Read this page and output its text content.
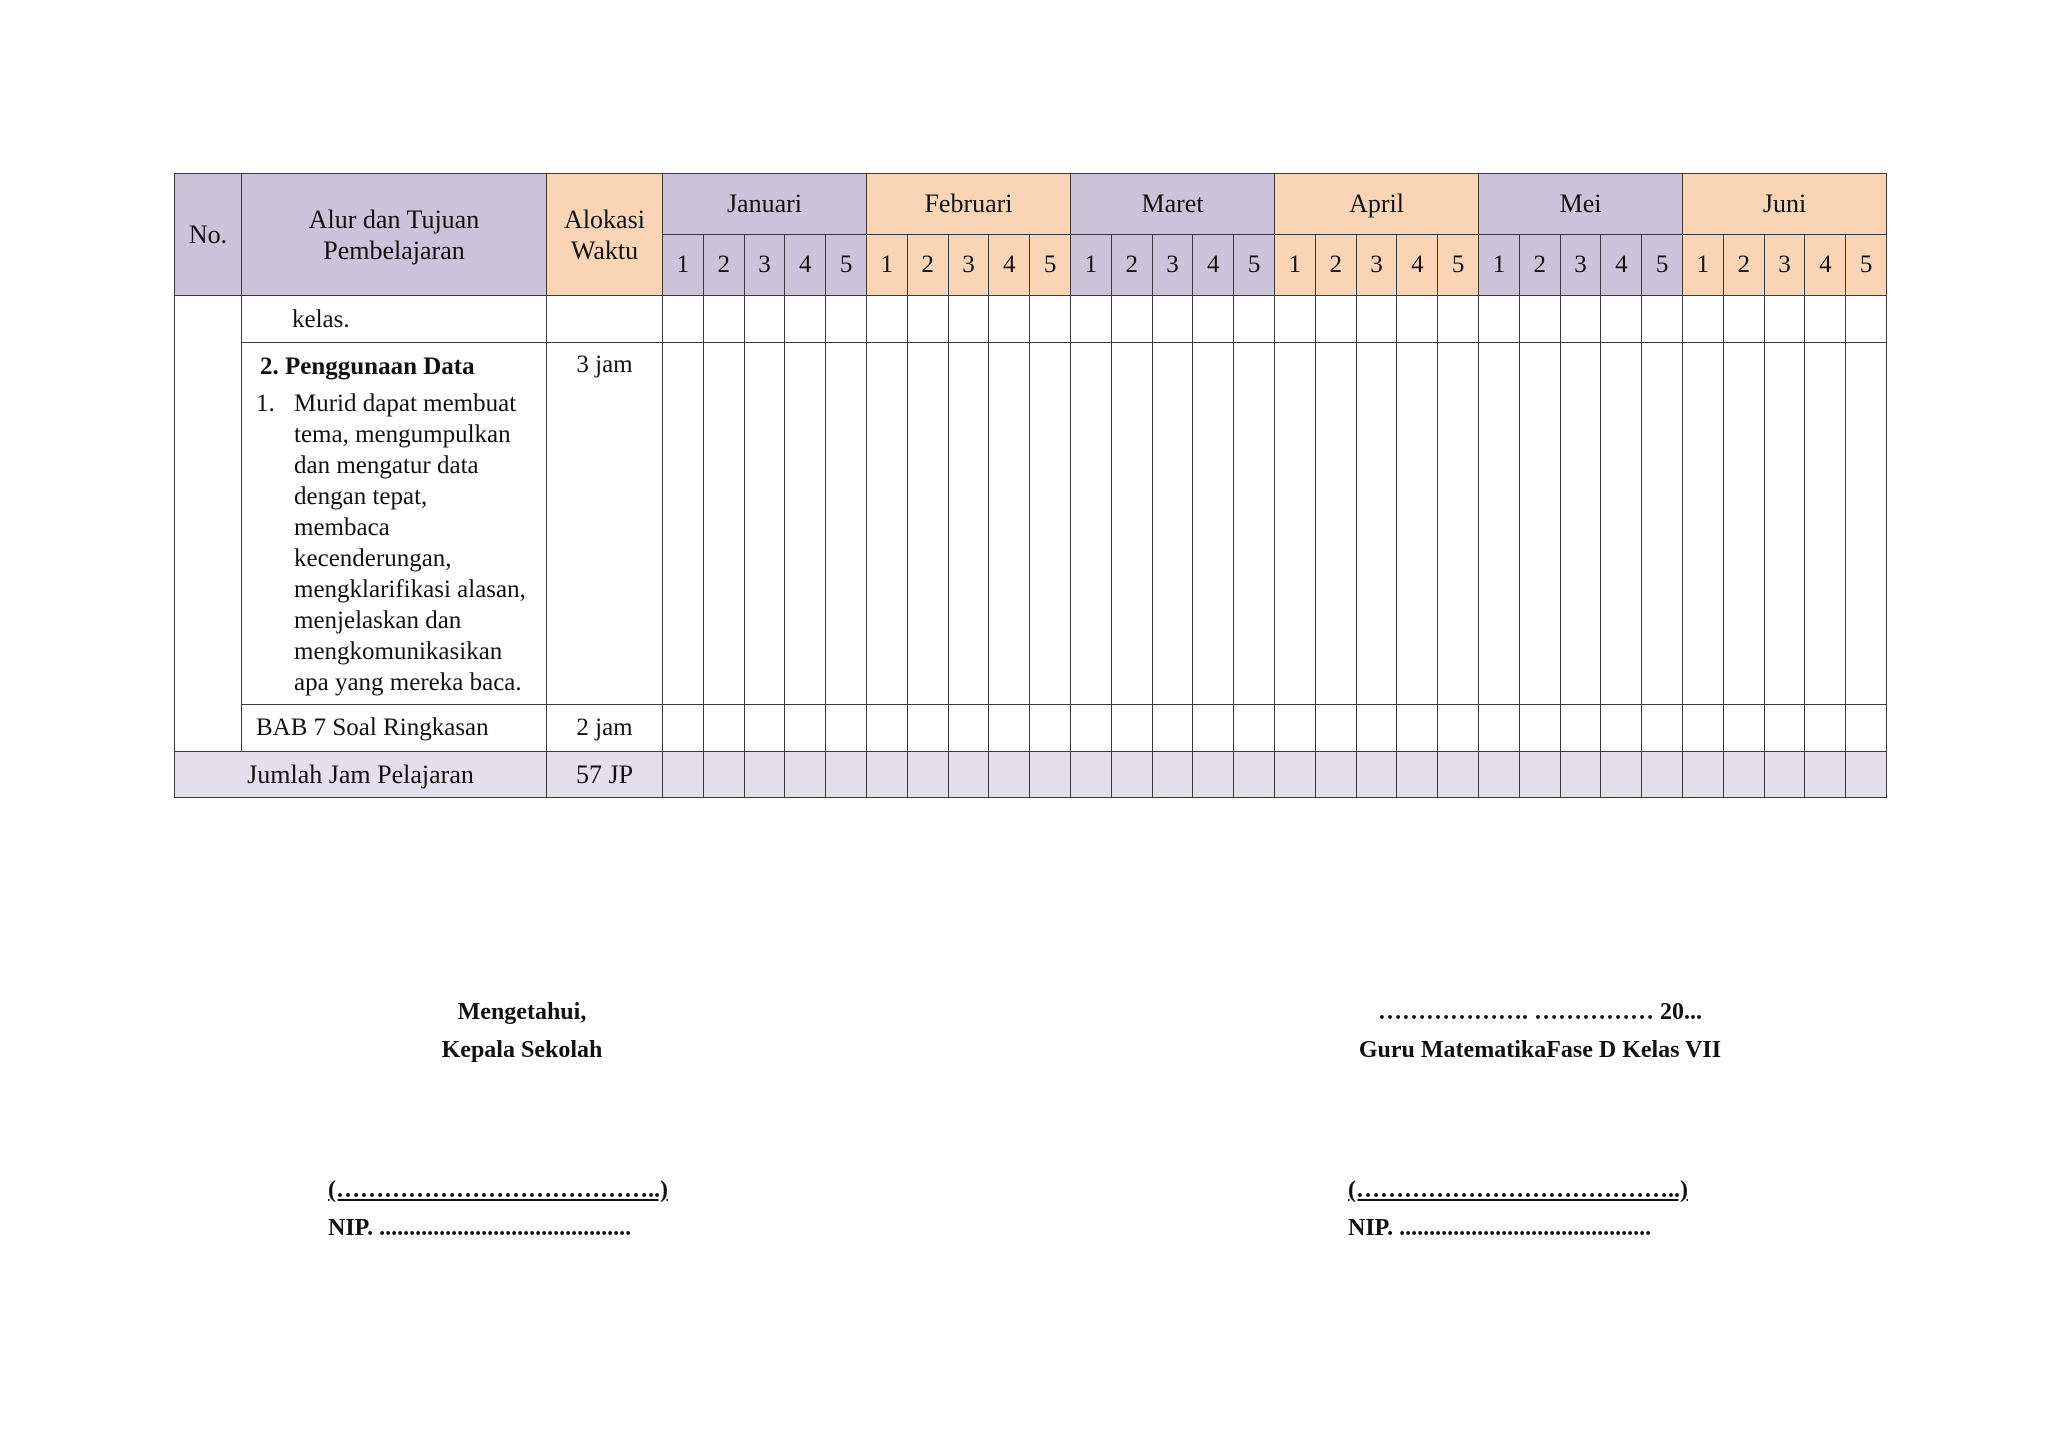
No.	Alur dan Tujuan Pembelajaran	Alokasi Waktu	Januari					Februari					Maret					April					Mei					Juni				
			1	2	3	4	5	1	2	3	4	5	1	2	3	4	5	1	2	3	4	5	1	2	3	4	5	1	2	3	4	5
	kelas.																															

	2. Penggunaan Data
1. Murid dapat membuat tema, mengumpulkan dan mengatur data dengan tepat, membaca kecenderungan, mengklarifikasi alasan, menjelaskan dan mengkomunikasikan apa yang mereka baca.	3 jam																														
	BAB 7 Soal Ringkasan	2 jam																														
Jumlah Jam Pelajaran		57 JP																														
Mengetahui,
Kepala Sekolah
(…………………………………..)
NIP. ..........................................
………………. …………… 20...
Guru MatematikaFase D Kelas VII
(…………………………………..)
NIP. ..........................................
